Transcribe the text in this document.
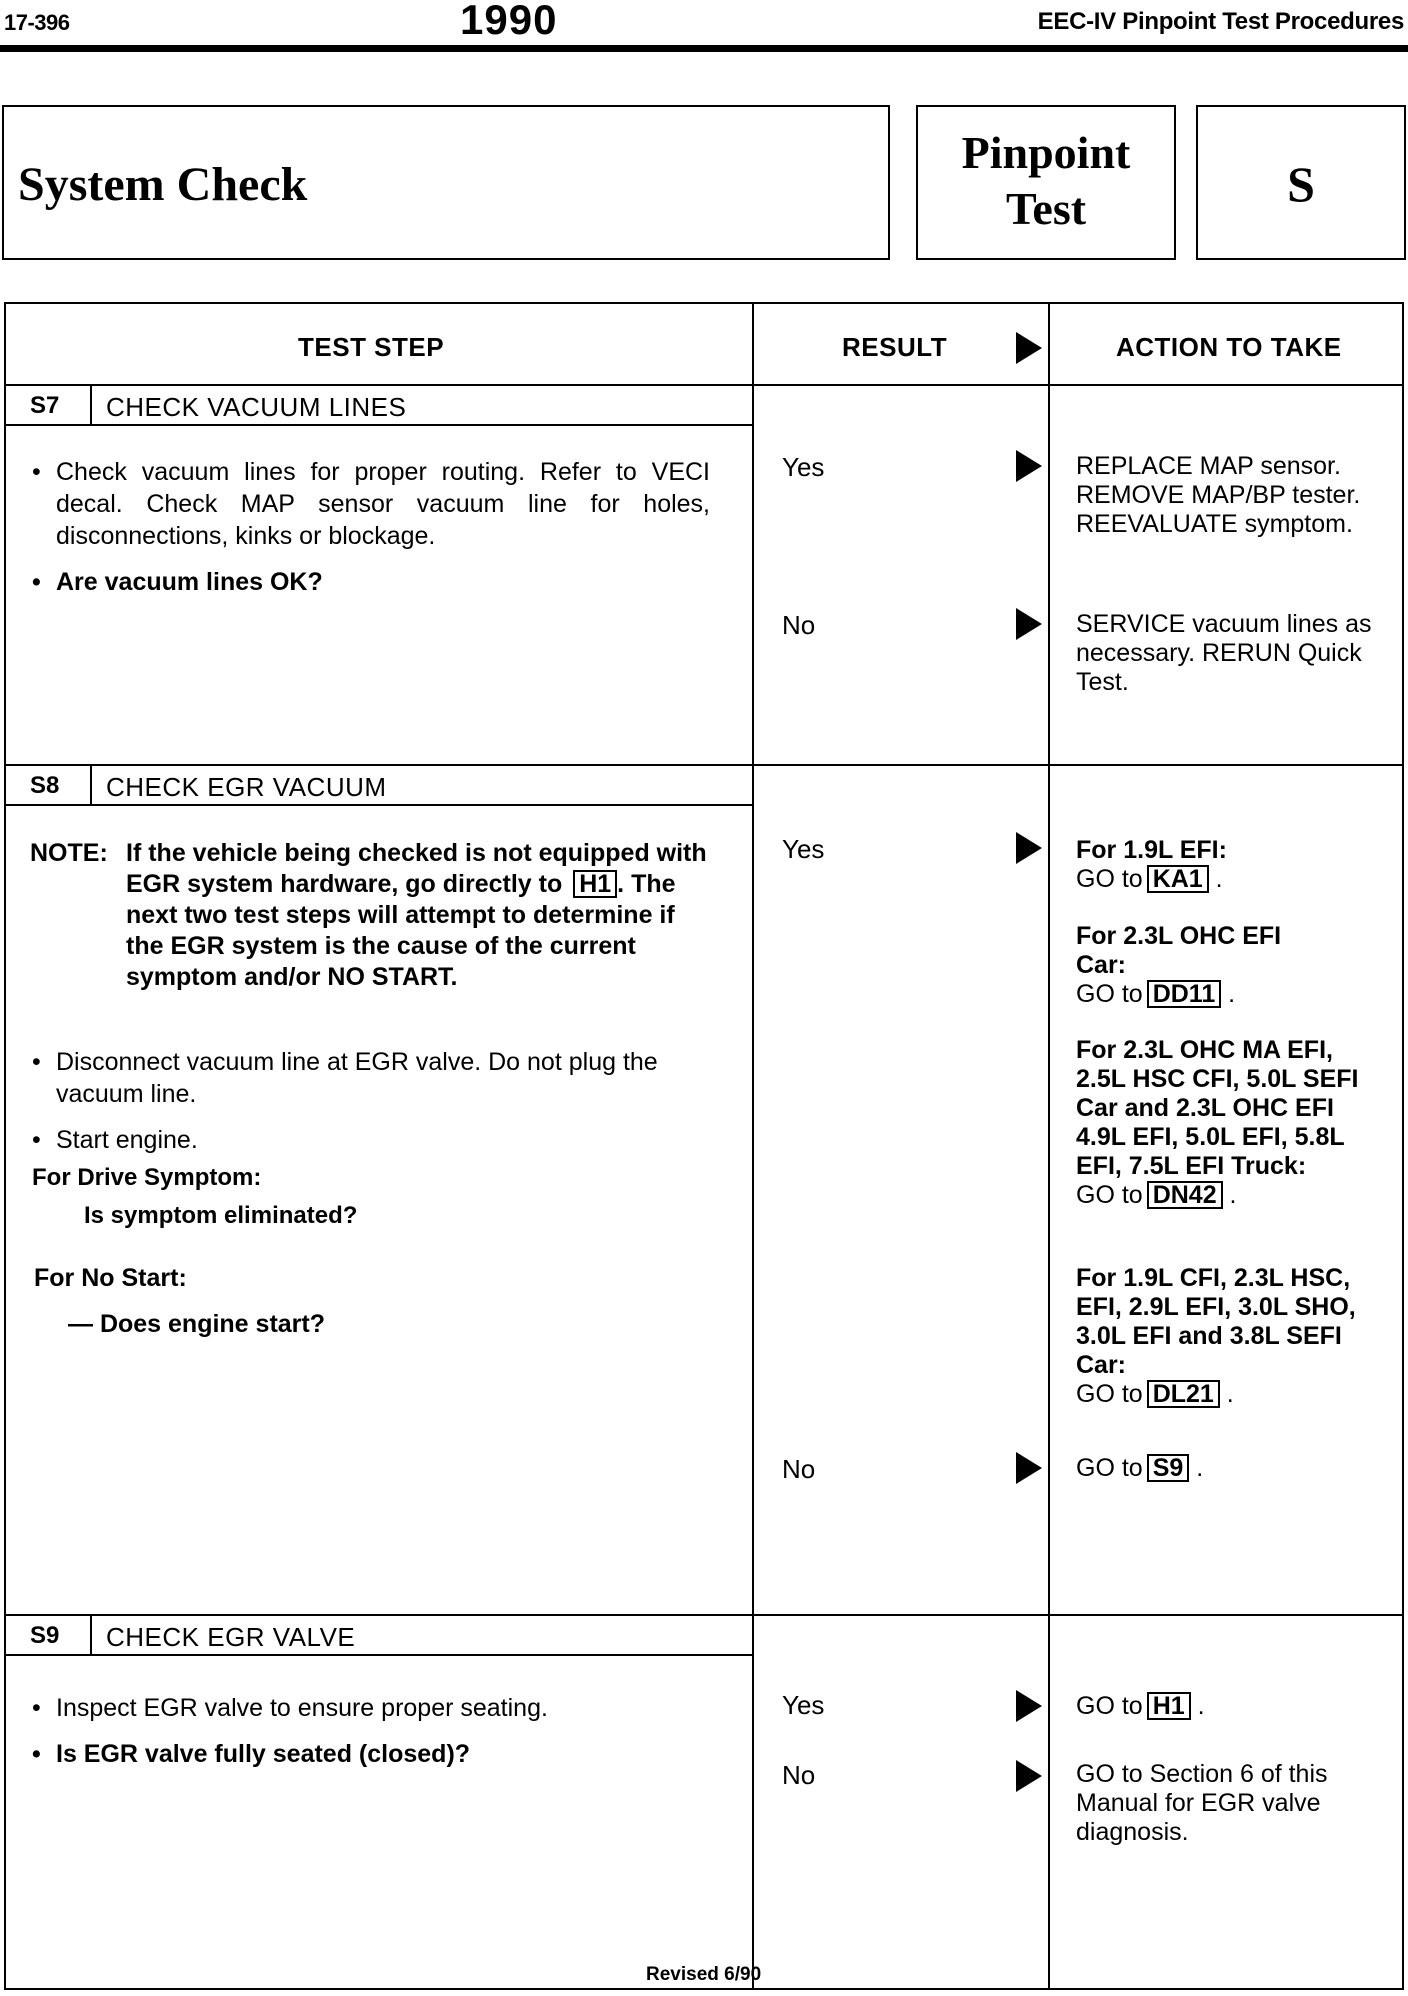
17-396	1990	EEC-IV Pinpoint Test Procedures
System Check
Pinpoint
Test	S
TEST STEP	RESULT	ACTION TO TAKE
S7 CHECK VACUUM LINES

• Check vacuum lines for proper routing. Refer to VECI decal. Check MAP sensor vacuum line for holes, disconnections, kinks or blockage.

• Are vacuum lines OK?

Yes	REPLACE MAP sensor. REMOVE MAP/BP tester. REEVALUATE symptom.
No	SERVICE vacuum lines as necessary. RERUN Quick Test.
S8 CHECK EGR VACUUM
NOTE: If the vehicle being checked is not equipped with EGR system hardware, go directly to H1 . The next two test steps will attempt to determine if the EGR system is the cause of the current symptom and/or NO START.

• Disconnect vacuum line at EGR valve. Do not plug the vacuum line.

• Start engine.

For Drive Symptom:
Is symptom eliminated?
For No Start:
— Does engine start?
Yes	For 1.9L EFI:
GO to KA1 .
For 2.3L OHC EFI Car:
GO to DD11 .
For 2.3L OHC MA EFI, 2.5L HSC CFI, 5.0L SEFI Car and 2.3L OHC EFI 4.9L EFI, 5.0L EFI, 5.8L EFI, 7.5L EFI Truck:
GO to DN42 .
For 1.9L CFI, 2.3L HSC, EFI, 2.9L EFI, 3.0L SHO, 3.0L EFI and 3.8L SEFI Car:
GO to DL21 .
No	GO to S9 .
S9 CHECK EGR VALVE

• Inspect EGR valve to ensure proper seating.

• Is EGR valve fully seated (closed)?

Yes	GO to H1 .
No	GO to Section 6 of this Manual for EGR valve diagnosis.
Revised 6/90
